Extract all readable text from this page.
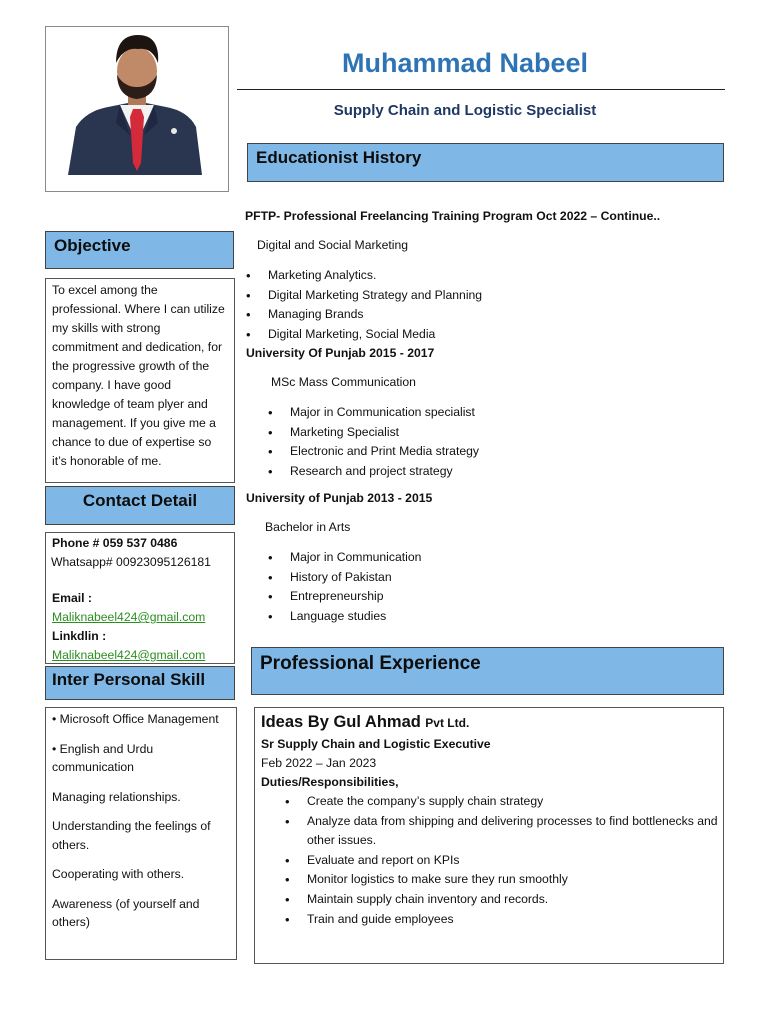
Muhammad Nabeel
Supply Chain and Logistic Specialist
Educationist History
Objective
To excel among the professional. Where I can utilize my skills with strong commitment and dedication, for the progressive growth of the company. I have good knowledge of team plyer and management. If you give me a chance to due of expertise so it’s honorable of me.
Contact Detail
Phone # 059 537 0486
Whatsapp# 00923095126181
Email :
Maliknabeel424@gmail.com
Linkdlin :
Maliknabeel424@gmail.com
Inter Personal Skill
• Microsoft Office Management
• English and Urdu communication
Managing relationships.
Understanding the feelings of others.
Cooperating with others.
Awareness (of yourself and others)
PFTP- Professional Freelancing Training Program Oct 2022 – Continue..
Digital and Social Marketing
• Marketing Analytics.
• Digital Marketing Strategy and Planning
• Managing Brands
• Digital Marketing, Social Media
University Of Punjab 2015 - 2017
MSc Mass Communication
• Major in Communication specialist
• Marketing Specialist
• Electronic and Print Media strategy
• Research and project strategy
University of Punjab 2013 - 2015
Bachelor in Arts
• Major in Communication
• History of Pakistan
• Entrepreneurship
• Language studies
Professional Experience
Ideas By Gul Ahmad Pvt Ltd.
Sr Supply Chain and Logistic Executive
Feb 2022 – Jan 2023
Duties/Responsibilities,
• Create the company’s supply chain strategy
• Analyze data from shipping and delivering processes to find bottlenecks and other issues.
• Evaluate and report on KPIs
• Monitor logistics to make sure they run smoothly
• Maintain supply chain inventory and records.
• Train and guide employees
